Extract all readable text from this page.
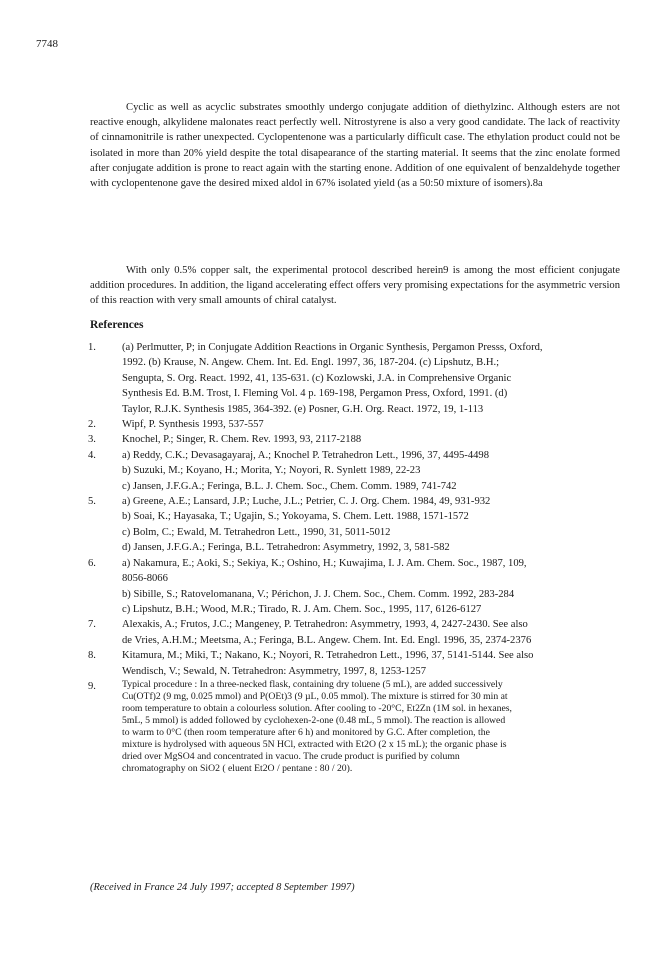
7748

Cyclic as well as acyclic substrates smoothly undergo conjugate addition of diethylzinc. Although esters are not reactive enough, alkylidene malonates react perfectly well. Nitrostyrene is also a very good candidate. The lack of reactivity of cinnamonitrile is rather unexpected. Cyclopentenone was a particularly difficult case. The ethylation product could not be isolated in more than 20% yield despite the total disapearance of the starting material. It seems that the zinc enolate formed after conjugate addition is prone to react again with the starting enone. Addition of one equivalent of benzaldehyde together with cyclopentenone gave the desired mixed aldol in 67% isolated yield (as a 50:50 mixture of isomers).8a

With only 0.5% copper salt, the experimental protocol described herein9 is among the most efficient conjugate addition procedures. In addition, the ligand accelerating effect offers very promising expectations for the asymmetric version of this reaction with very small amounts of chiral catalyst.

References
1.	(a) Perlmutter, P; in Conjugate Addition Reactions in Organic Synthesis, Pergamon Presss, Oxford,
1992. (b) Krause, N. Angew. Chem. Int. Ed. Engl. 1997, 36, 187-204. (c) Lipshutz, B.H.;
Sengupta, S. Org. React. 1992, 41, 135-631. (c) Kozlowski, J.A. in Comprehensive Organic
Synthesis Ed. B.M. Trost, I. Fleming Vol. 4 p. 169-198, Pergamon Press, Oxford, 1991. (d)
Taylor, R.J.K. Synthesis 1985, 364-392. (e) Posner, G.H. Org. React. 1972, 19, 1-113
2.	Wipf, P. Synthesis 1993, 537-557
3.	Knochel, P.; Singer, R. Chem. Rev. 1993, 93, 2117-2188
4.	a) Reddy, C.K.; Devasagayaraj, A.; Knochel P. Tetrahedron Lett., 1996, 37, 4495-4498
b) Suzuki, M.; Koyano, H.; Morita, Y.; Noyori, R. Synlett 1989, 22-23
c) Jansen, J.F.G.A.; Feringa, B.L. J. Chem. Soc., Chem. Comm. 1989, 741-742
5.	a) Greene, A.E.; Lansard, J.P.; Luche, J.L.; Petrier, C. J. Org. Chem. 1984, 49, 931-932
b) Soai, K.; Hayasaka, T.; Ugajin, S.; Yokoyama, S. Chem. Lett. 1988, 1571-1572
c) Bolm, C.; Ewald, M. Tetrahedron Lett., 1990, 31, 5011-5012
d) Jansen, J.F.G.A.; Feringa, B.L. Tetrahedron: Asymmetry, 1992, 3, 581-582
6.	a) Nakamura, E.; Aoki, S.; Sekiya, K.; Oshino, H.; Kuwajima, I. J. Am. Chem. Soc., 1987, 109,
8056-8066
b) Sibille, S.; Ratovelomanana, V.; Périchon, J. J. Chem. Soc., Chem. Comm. 1992, 283-284
c) Lipshutz, B.H.; Wood, M.R.; Tirado, R. J. Am. Chem. Soc., 1995, 117, 6126-6127
7.	Alexakis, A.; Frutos, J.C.; Mangeney, P. Tetrahedron: Asymmetry, 1993, 4, 2427-2430. See also
de Vries, A.H.M.; Meetsma, A.; Feringa, B.L. Angew. Chem. Int. Ed. Engl. 1996, 35, 2374-2376
8.	Kitamura, M.; Miki, T.; Nakano, K.; Noyori, R. Tetrahedron Lett., 1996, 37, 5141-5144. See also
Wendisch, V.; Sewald, N. Tetrahedron: Asymmetry, 1997, 8, 1253-1257
9.	Typical procedure : In a three-necked flask, containing dry toluene (5 mL), are added successively
Cu(OTf)2 (9 mg, 0.025 mmol) and P(OEt)3 (9 µL, 0.05 mmol). The mixture is stirred for 30 min at
room temperature to obtain a colourless solution. After cooling to -20°C, Et2Zn (1M sol. in hexanes,
5mL, 5 mmol) is added followed by cyclohexen-2-one (0.48 mL, 5 mmol). The reaction is allowed
to warm to 0°C (then room temperature after 6 h) and monitored by G.C. After completion, the
mixture is hydrolysed with aqueous 5N HCl, extracted with Et2O (2 x 15 mL); the organic phase is
dried over MgSO4 and concentrated in vacuo. The crude product is purified by column
chromatography on SiO2 ( eluent Et2O / pentane : 80 / 20).

(Received in France 24 July 1997; accepted 8 September 1997)
